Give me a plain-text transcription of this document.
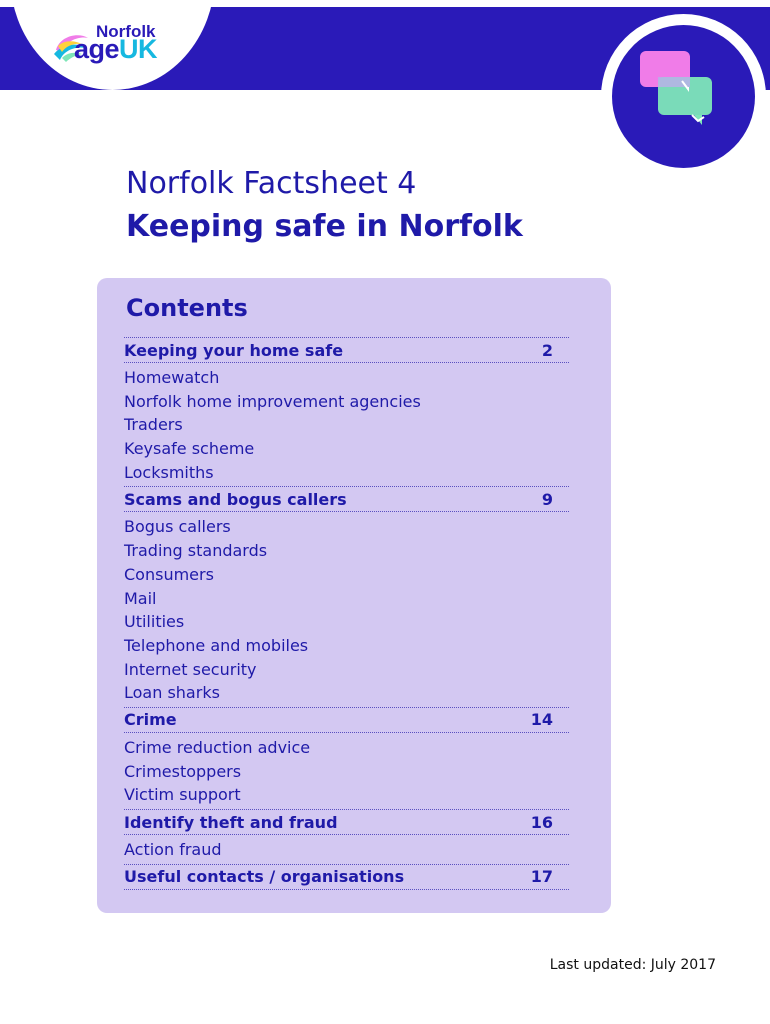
Norfolk
ageUK
Norfolk Factsheet 4
Keeping safe in Norfolk
Contents
Keeping your home safe	2
Homewatch
Norfolk home improvement agencies
Traders
Keysafe scheme
Locksmiths
Scams and bogus callers	9
Bogus callers
Trading standards
Consumers
Mail
Utilities
Telephone and mobiles
Internet security
Loan sharks
Crime	14
Crime reduction advice
Crimestoppers
Victim support
Identify theft and fraud	16
Action fraud
Useful contacts / organisations	17
Last updated: July 2017
